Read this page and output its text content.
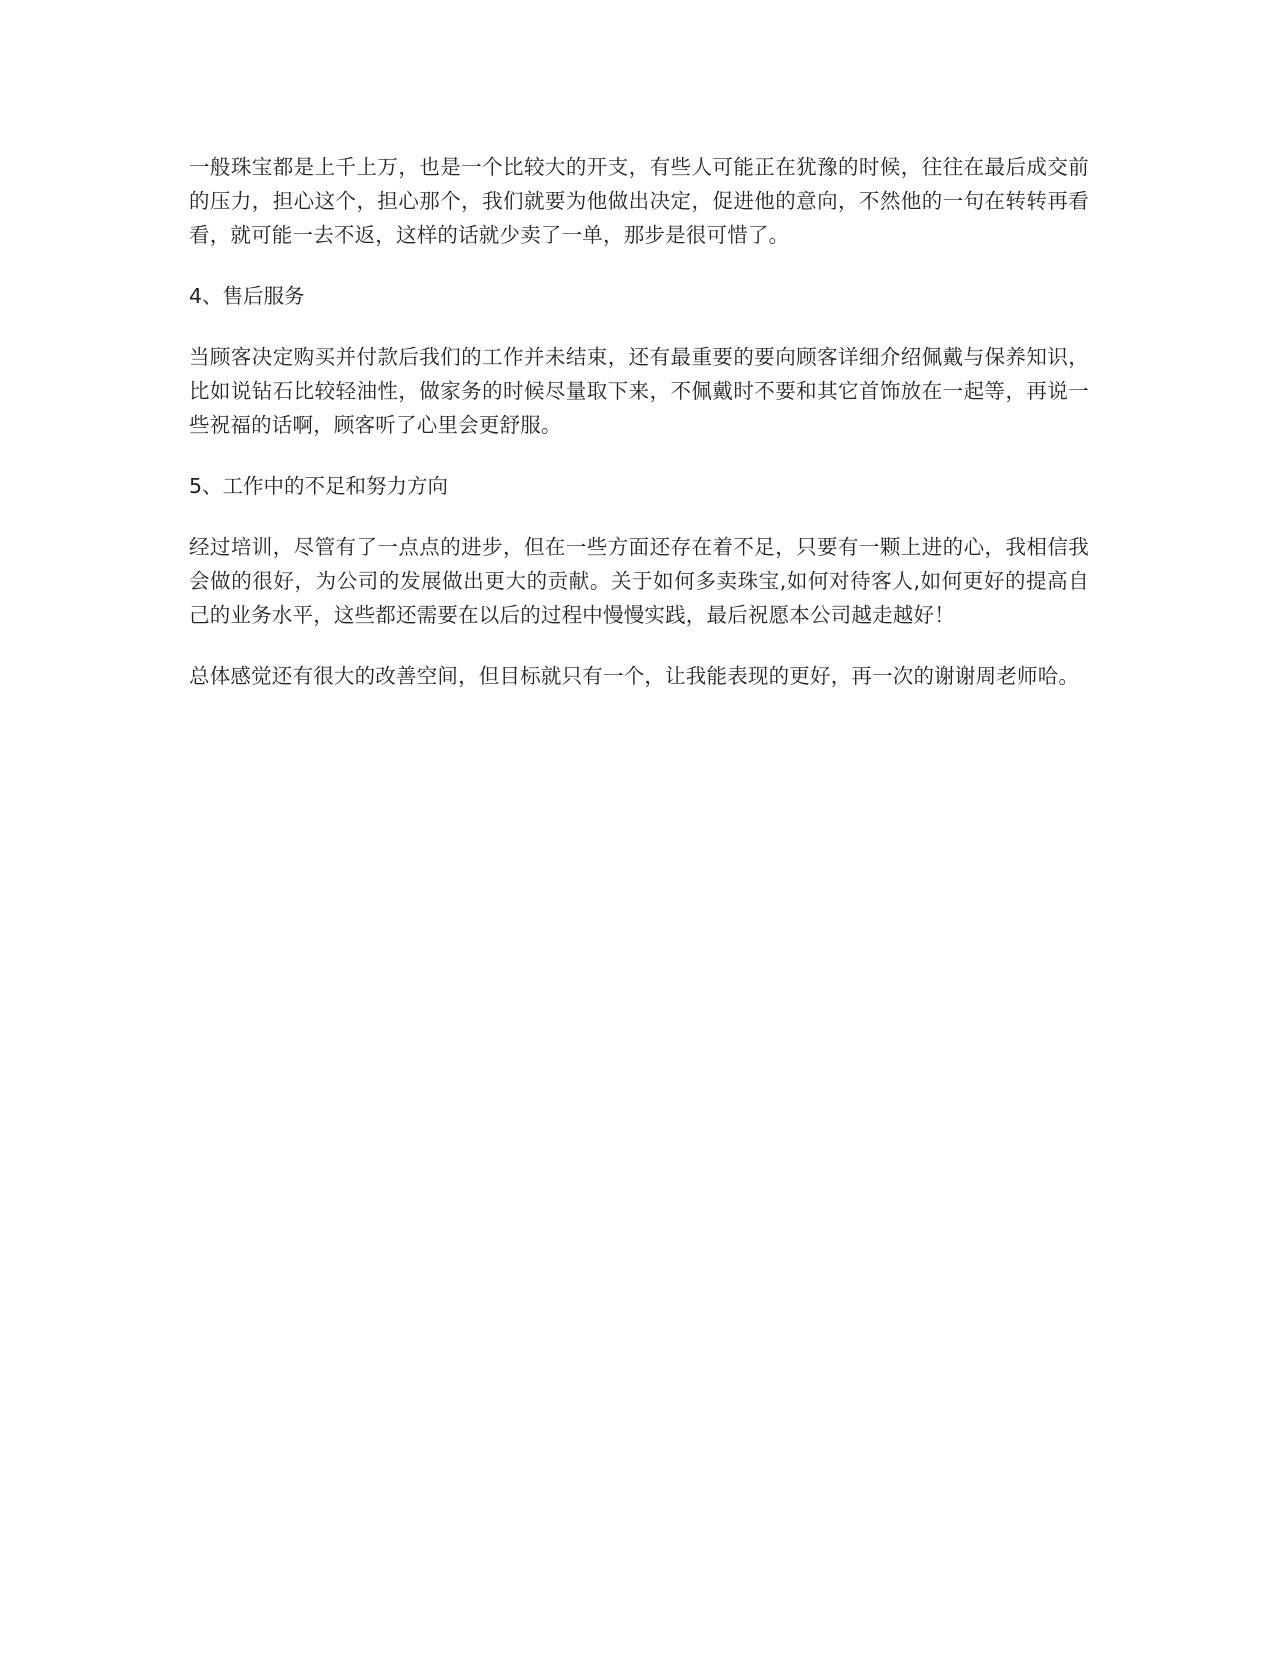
一般珠宝都是上千上万，也是一个比较大的开支，有些人可能正在犹豫的时候，往往在最后成交前的压力，担心这个，担心那个，我们就要为他做出决定，促进他的意向，不然他的一句在转转再看看，就可能一去不返，这样的话就少卖了一单，那步是很可惜了。

4、售后服务

当顾客决定购买并付款后我们的工作并未结束，还有最重要的要向顾客详细介绍佩戴与保养知识，比如说钻石比较轻油性，做家务的时候尽量取下来，不佩戴时不要和其它首饰放在一起等，再说一些祝福的话啊，顾客听了心里会更舒服。

5、工作中的不足和努力方向

经过培训，尽管有了一点点的进步，但在一些方面还存在着不足，只要有一颗上进的心，我相信我会做的很好，为公司的发展做出更大的贡献。关于如何多卖珠宝,如何对待客人,如何更好的提高自己的业务水平，这些都还需要在以后的过程中慢慢实践，最后祝愿本公司越走越好！

总体感觉还有很大的改善空间，但目标就只有一个，让我能表现的更好，再一次的谢谢周老师哈。
